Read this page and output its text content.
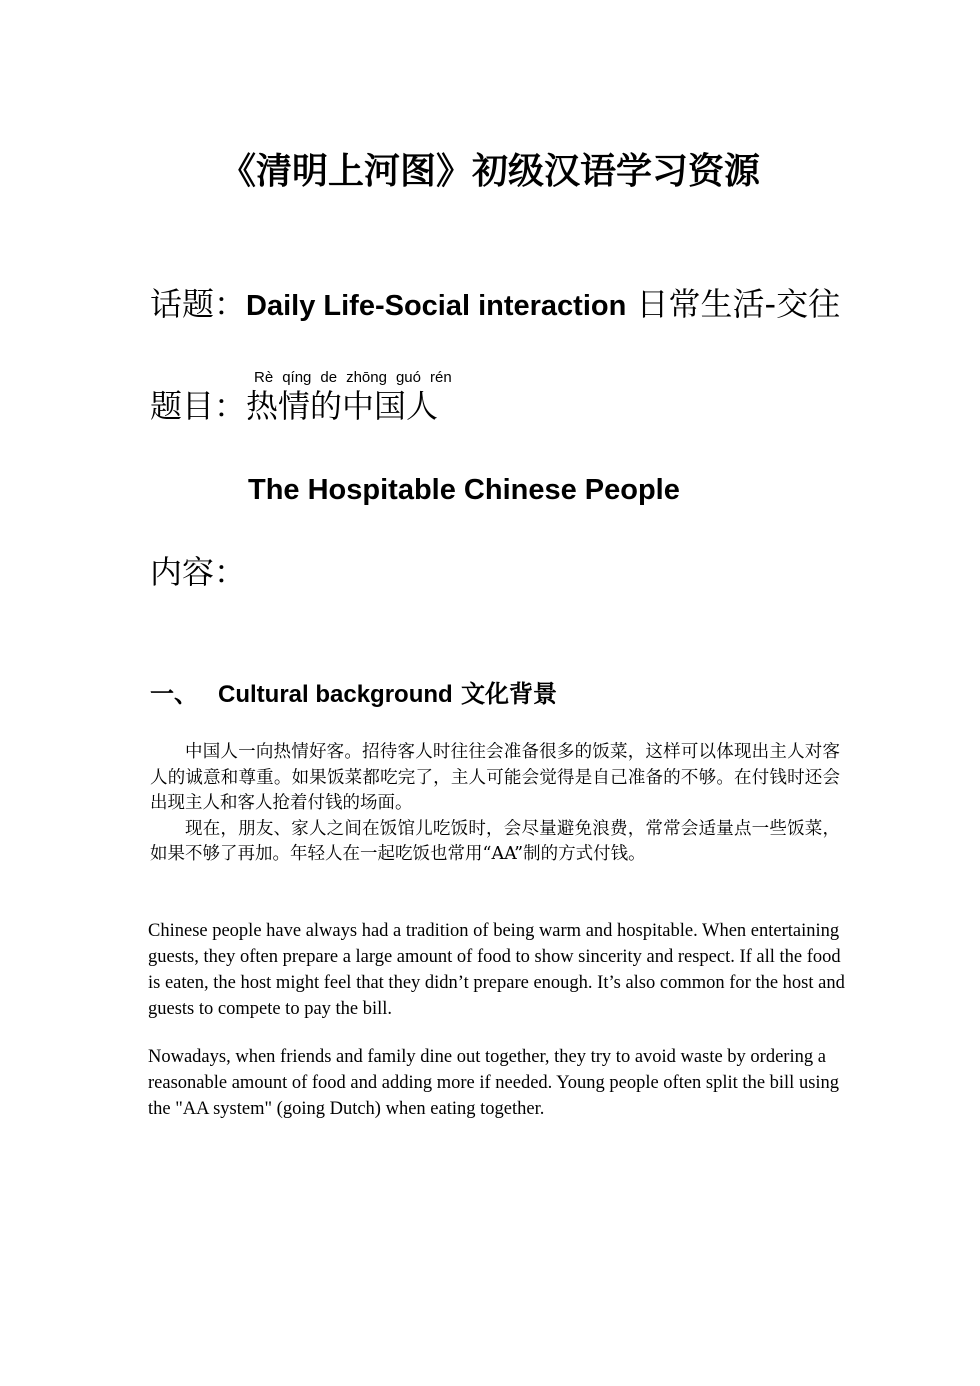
《清明上河图》初级汉语学习资源
话题：Daily Life-Social interaction 日常生活-交往
Rè qíng de zhōng guó rén
题目：热情的中国人
The Hospitable Chinese People
内容：
一、 Cultural background 文化背景

中国人一向热情好客。招待客人时往往会准备很多的饭菜，这样可以体现出主人对客人的诚意和尊重。如果饭菜都吃完了，主人可能会觉得是自己准备的不够。在付钱时还会出现主人和客人抢着付钱的场面。

现在，朋友、家人之间在饭馆儿吃饭时，会尽量避免浪费，常常会适量点一些饭菜，如果不够了再加。年轻人在一起吃饭也常用“AA”制的方式付钱。

Chinese people have always had a tradition of being warm and hospitable. When entertaining guests, they often prepare a large amount of food to show sincerity and respect. If all the food is eaten, the host might feel that they didn’t prepare enough. It’s also common for the host and guests to compete to pay the bill.

Nowadays, when friends and family dine out together, they try to avoid waste by ordering a reasonable amount of food and adding more if needed. Young people often split the bill using the "AA system" (going Dutch) when eating together.
